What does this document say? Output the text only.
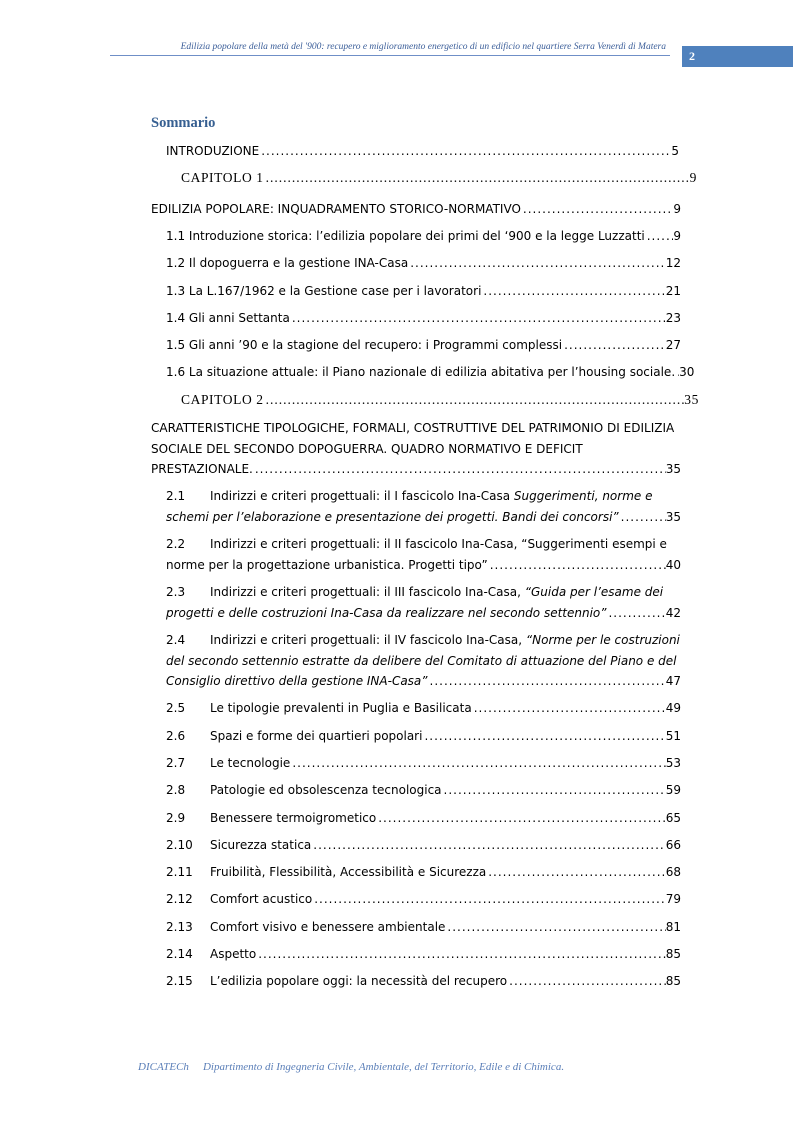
Edilizia popolare della metà del '900: recupero e miglioramento energetico di un edificio nel quartiere Serra Venerdì di Matera
2
Sommario
INTRODUZIONE .....	5
CAPITOLO 1 .....	9
EDILIZIA POPOLARE: INQUADRAMENTO STORICO-NORMATIVO .....	9
1.1 Introduzione storica: l’edilizia popolare dei primi del ‘900 e la legge Luzzatti ..... 9
1.2 Il dopoguerra e la gestione INA-Casa .....	12
1.3 La L.167/1962 e la Gestione case per i lavoratori .....	21
1.4 Gli anni Settanta .....	23
1.5 Gli anni ’90 e la stagione del recupero: i Programmi complessi .....	27
1.6 La situazione attuale: il Piano nazionale di edilizia abitativa per l’housing sociale. ..... 30
CAPITOLO 2 .....	35
CARATTERISTICHE TIPOLOGICHE, FORMALI, COSTRUTTIVE DEL PATRIMONIO DI EDILIZIA
SOCIALE DEL SECONDO DOPOGUERRA. QUADRO NORMATIVO E DEFICIT
PRESTAZIONALE. .....	35
2.1 Indirizzi e criteri progettuali: il I fascicolo Ina-Casa Suggerimenti, norme e
schemi per l’elaborazione e presentazione dei progetti. Bandi dei concorsi” .....	35
2.2 Indirizzi e criteri progettuali: il II fascicolo Ina-Casa, “Suggerimenti esempi e
norme per la progettazione urbanistica. Progetti tipo” .....	40
2.3 Indirizzi e criteri progettuali: il III fascicolo Ina-Casa, “Guida per l’esame dei
progetti e delle costruzioni Ina-Casa da realizzare nel secondo settennio” .....	42
2.4 Indirizzi e criteri progettuali: il IV fascicolo Ina-Casa, “Norme per le costruzioni
del secondo settennio estratte da delibere del Comitato di attuazione del Piano e del
Consiglio direttivo della gestione INA-Casa” .....	47
2.5	Le tipologie prevalenti in Puglia e Basilicata .....	49
2.6	Spazi e forme dei quartieri popolari .....	51
2.7	Le tecnologie .....	53
2.8	Patologie ed obsolescenza tecnologica .....	59
2.9	Benessere termoigrometico .....	65
2.10	Sicurezza statica .....	66
2.11	Fruibilità, Flessibilità, Accessibilità e Sicurezza .....	68
2.12	Comfort acustico .....	79
2.13	Comfort visivo e benessere ambientale .....	81
2.14	Aspetto .....	85
2.15	L’edilizia popolare oggi: la necessità del recupero .....	85
DICATECh Dipartimento di Ingegneria Civile, Ambientale, del Territorio, Edile e di Chimica.
